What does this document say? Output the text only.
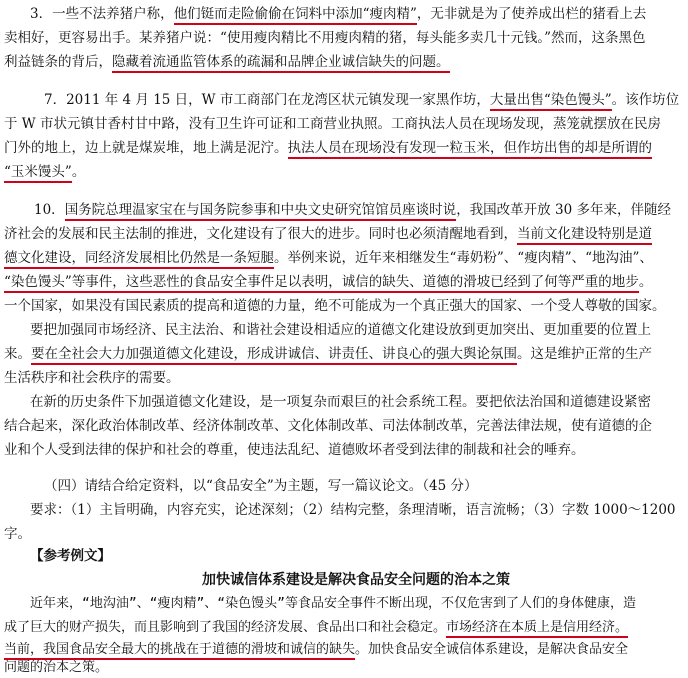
3．一些不法养猪户称，他们铤而走险偷偷在饲料中添加“瘦肉精”，无非就是为了使养成出栏的猪看上去
卖相好，更容易出手。某养猪户说：“使用瘦肉精比不用瘦肉精的猪，每头能多卖几十元钱。”然而，这条黑色
利益链条的背后，隐藏着流通监管体系的疏漏和品牌企业诚信缺失的问题。
7．2011 年 4 月 15 日，W 市工商部门在龙湾区状元镇发现一家黑作坊，大量出售“染色馒头”。该作坊位
于 W 市状元镇甘香村甘中路，没有卫生许可证和工商营业执照。工商执法人员在现场发现，蒸笼就摆放在民房
门外的地上，边上就是煤炭堆，地上满是泥泞。执法人员在现场没有发现一粒玉米，但作坊出售的却是所谓的
“玉米馒头”。
10．国务院总理温家宝在与国务院参事和中央文史研究馆馆员座谈时说，我国改革开放 30 多年来，伴随经
济社会的发展和民主法制的推进，文化建设有了很大的进步。同时也必须清醒地看到，当前文化建设特别是道
德文化建设，同经济发展相比仍然是一条短腿。举例来说，近年来相继发生“毒奶粉”、“瘦肉精”、“地沟油”、
“染色馒头”等事件，这些恶性的食品安全事件足以表明，诚信的缺失、道德的滑坡已经到了何等严重的地步。
一个国家，如果没有国民素质的提高和道德的力量，绝不可能成为一个真正强大的国家、一个受人尊敬的国家。
要把加强同市场经济、民主法治、和谐社会建设相适应的道德文化建设放到更加突出、更加重要的位置上
来。要在全社会大力加强道德文化建设，形成讲诚信、讲责任、讲良心的强大舆论氛围。这是维护正常的生产
生活秩序和社会秩序的需要。
在新的历史条件下加强道德文化建设，是一项复杂而艰巨的社会系统工程。要把依法治国和道德建设紧密
结合起来，深化政治体制改革、经济体制改革、文化体制改革、司法体制改革，完善法律法规，使有道德的企
业和个人受到法律的保护和社会的尊重，使违法乱纪、道德败坏者受到法律的制裁和社会的唾弃。
（四）请结合给定资料，以“食品安全”为主题，写一篇议论文。（45 分）
要求：（1）主旨明确，内容充实，论述深刻；（2）结构完整，条理清晰，语言流畅；（3）字数 1000～1200
字。
【参考例文】
加快诚信体系建设是解决食品安全问题的治本之策
近年来，“地沟油”、“瘦肉精”、“染色馒头”等食品安全事件不断出现，不仅危害到了人们的身体健康，造
成了巨大的财产损失，而且影响到了我国的经济发展、食品出口和社会稳定。市场经济在本质上是信用经济。
当前，我国食品安全最大的挑战在于道德的滑坡和诚信的缺失。加快食品安全诚信体系建设，是解决食品安全
问题的治本之策。
